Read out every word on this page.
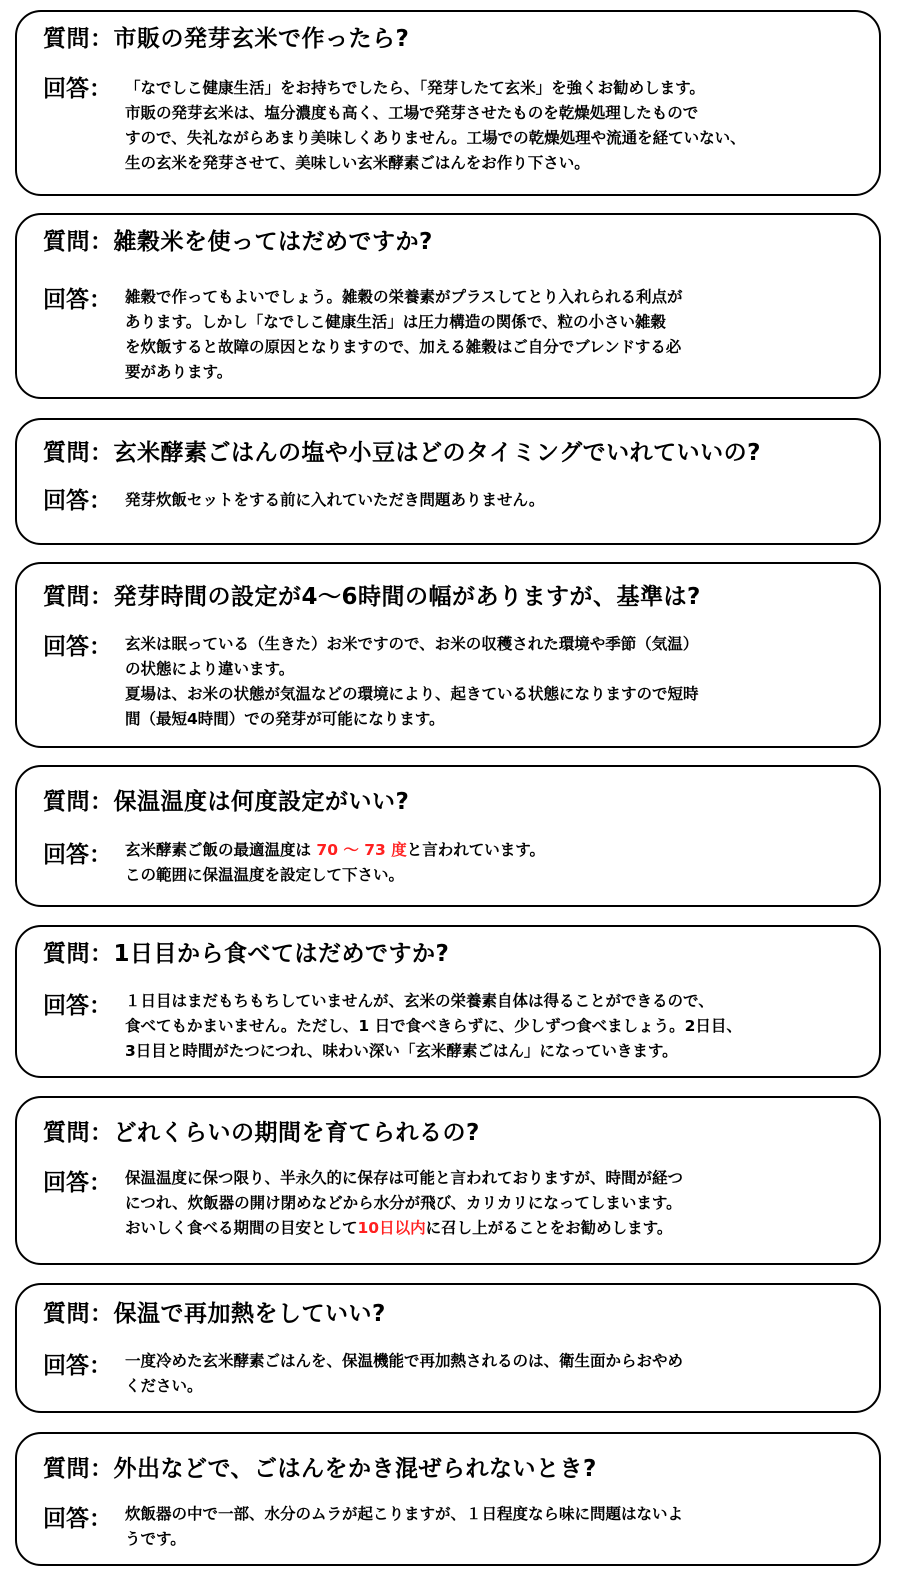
質問：市販の発芽玄米で作ったら?
回答： 「なでしこ健康生活」をお持ちでしたら、「発芽したて玄米」を強くお勧めします。

市販の発芽玄米は、塩分濃度も高く、工場で発芽させたものを乾燥処理したもので

すので、失礼ながらあまり美味しくありません。工場での乾燥処理や流通を経ていない、

生の玄米を発芽させて、美味しい玄米酵素ごはんをお作り下さい。

質問：雑穀米を使ってはだめですか?
回答： 雑穀で作ってもよいでしょう。雑穀の栄養素がプラスしてとり入れられる利点が

あります。しかし「なでしこ健康生活」は圧力構造の関係で、粒の小さい雑穀

を炊飯すると故障の原因となりますので、加える雑穀はご自分でブレンドする必

要があります。

質問：玄米酵素ごはんの塩や小豆はどのタイミングでいれていいの?
回答： 発芽炊飯セットをする前に入れていただき問題ありません。

質問：発芽時間の設定が4～6時間の幅がありますが、基準は?
回答： 玄米は眠っている（生きた）お米ですので、お米の収穫された環境や季節（気温）

の状態により違います。

夏場は、お米の状態が気温などの環境により、起きている状態になりますので短時

間（最短4時間）での発芽が可能になります。

質問：保温温度は何度設定がいい?
回答： 玄米酵素ご飯の最適温度は 70 ～ 73 度と言われています。

この範囲に保温温度を設定して下さい。

質問：1日目から食べてはだめですか?
回答： １日目はまだもちもちしていませんが、玄米の栄養素自体は得ることができるので、

食べてもかまいません。ただし、1 日で食べきらずに、少しずつ食べましょう。2日目、

3日目と時間がたつにつれ、味わい深い「玄米酵素ごはん」になっていきます。

質問：どれくらいの期間を育てられるの?
回答： 保温温度に保つ限り、半永久的に保存は可能と言われておりますが、時間が経つ

につれ、炊飯器の開け閉めなどから水分が飛び、カリカリになってしまいます。

おいしく食べる期間の目安として10日以内に召し上がることをお勧めします。

質問：保温で再加熱をしていい?
回答： 一度冷めた玄米酵素ごはんを、保温機能で再加熱されるのは、衛生面からおやめ

ください。

質問：外出などで、ごはんをかき混ぜられないとき?
回答： 炊飯器の中で一部、水分のムラが起こりますが、１日程度なら味に問題はないよ

うです。
